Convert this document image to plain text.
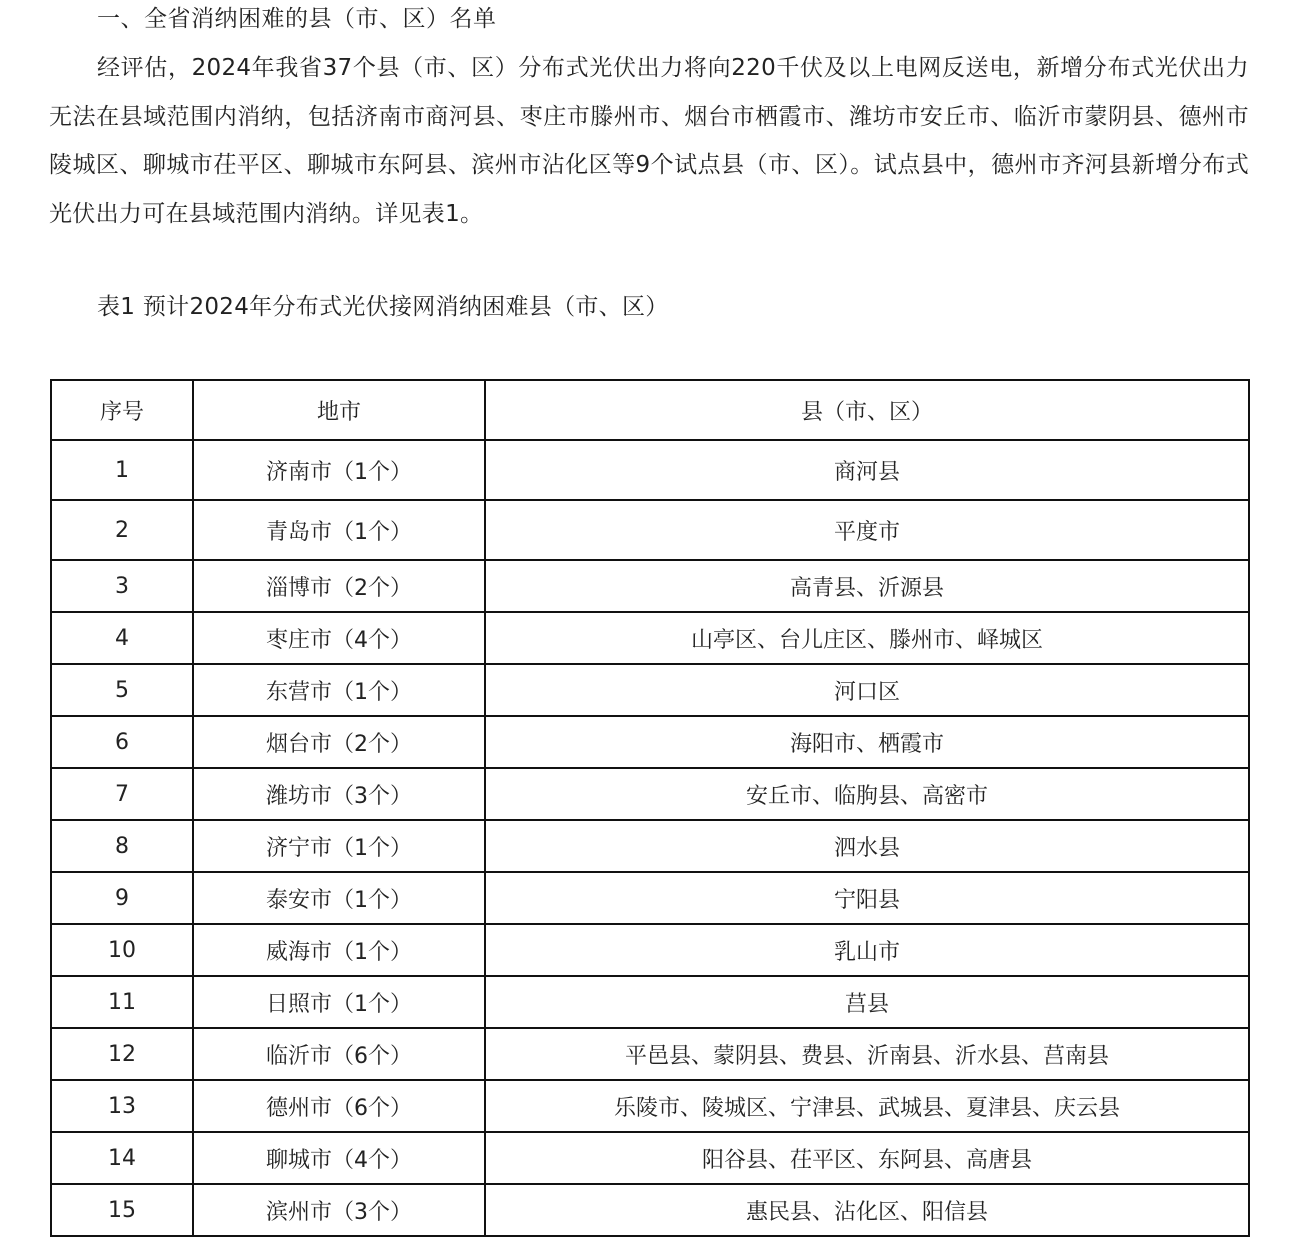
一、全省消纳困难的县（市、区）名单
经评估，2024年我省37个县（市、区）分布式光伏出力将向220千伏及以上电网反送电，新增分布式光伏出力无法在县域范围内消纳，包括济南市商河县、枣庄市滕州市、烟台市栖霞市、潍坊市安丘市、临沂市蒙阴县、德州市陵城区、聊城市茌平区、聊城市东阿县、滨州市沾化区等9个试点县（市、区）。试点县中，德州市齐河县新增分布式光伏出力可在县域范围内消纳。详见表1。
表1 预计2024年分布式光伏接网消纳困难县（市、区）
序号	地市	县（市、区）
1	济南市（1个）	商河县
2	青岛市（1个）	平度市
3	淄博市（2个）	高青县、沂源县
4	枣庄市（4个）	山亭区、台儿庄区、滕州市、峄城区
5	东营市（1个）	河口区
6	烟台市（2个）	海阳市、栖霞市
7	潍坊市（3个）	安丘市、临朐县、高密市
8	济宁市（1个）	泗水县
9	泰安市（1个）	宁阳县
10	威海市（1个）	乳山市
11	日照市（1个）	莒县
12	临沂市（6个）	平邑县、蒙阴县、费县、沂南县、沂水县、莒南县
13	德州市（6个）	乐陵市、陵城区、宁津县、武城县、夏津县、庆云县
14	聊城市（4个）	阳谷县、茌平区、东阿县、高唐县
15	滨州市（3个）	惠民县、沾化区、阳信县
